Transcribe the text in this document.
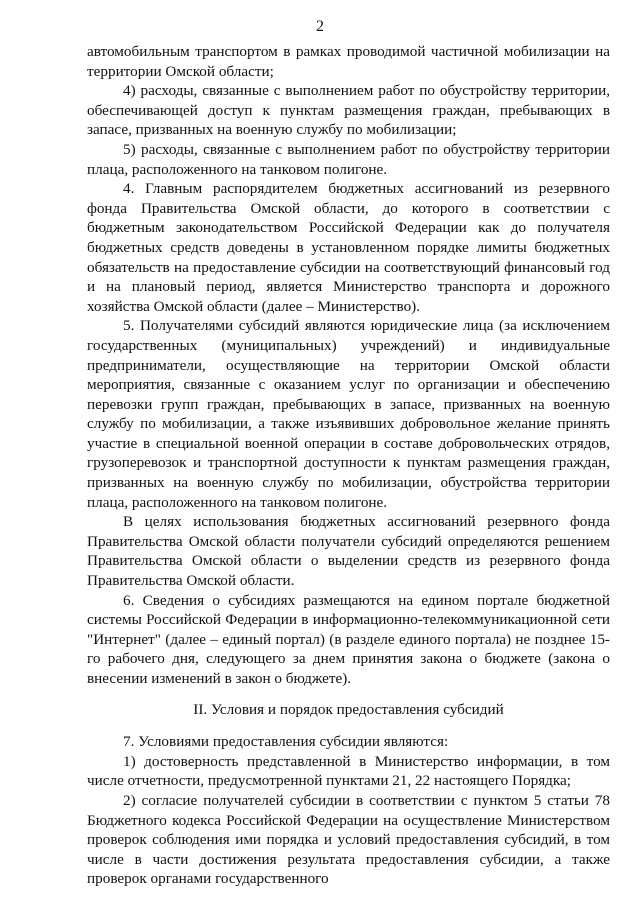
2

автомобильным транспортом в рамках проводимой частичной мобилизации на территории Омской области;

4) расходы, связанные с выполнением работ по обустройству территории, обеспечивающей доступ к пунктам размещения граждан, пребывающих в запасе, призванных на военную службу по мобилизации;

5) расходы, связанные с выполнением работ по обустройству территории плаца, расположенного на танковом полигоне.

4. Главным распорядителем бюджетных ассигнований из резервного фонда Правительства Омской области, до которого в соответствии с бюджетным законодательством Российской Федерации как до получателя бюджетных средств доведены в установленном порядке лимиты бюджетных обязательств на предоставление субсидии на соответствующий финансовый год и на плановый период, является Министерство транспорта и дорожного хозяйства Омской области (далее – Министерство).

5. Получателями субсидий являются юридические лица (за исключением государственных (муниципальных) учреждений) и индивидуальные предприниматели, осуществляющие на территории Омской области мероприятия, связанные с оказанием услуг по организации и обеспечению перевозки групп граждан, пребывающих в запасе, призванных на военную службу по мобилизации, а также изъявивших добровольное желание принять участие в специальной военной операции в составе добровольческих отрядов, грузоперевозок и транспортной доступности к пунктам размещения граждан, призванных на военную службу по мобилизации, обустройства территории плаца, расположенного на танковом полигоне.

В целях использования бюджетных ассигнований резервного фонда Правительства Омской области получатели субсидий определяются решением Правительства Омской области о выделении средств из резервного фонда Правительства Омской области.

6. Сведения о субсидиях размещаются на едином портале бюджетной системы Российской Федерации в информационно-телекоммуникационной сети "Интернет" (далее – единый портал) (в разделе единого портала) не позднее 15-го рабочего дня, следующего за днем принятия закона о бюджете (закона о внесении изменений в закон о бюджете).

II. Условия и порядок предоставления субсидий

7. Условиями предоставления субсидии являются:

1) достоверность представленной в Министерство информации, в том числе отчетности, предусмотренной пунктами 21, 22 настоящего Порядка;

2) согласие получателей субсидии в соответствии с пунктом 5 статьи 78 Бюджетного кодекса Российской Федерации на осуществление Министерством проверок соблюдения ими порядка и условий предоставления субсидий, в том числе в части достижения результата предоставления субсидии, а также проверок органами государственного
